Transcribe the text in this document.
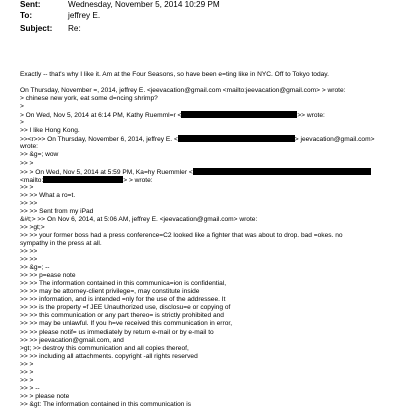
Sent:	Wednesday, November 5, 2014 10:29 PM
To:	jeffrey E.
Subject: Re:
Exactly -- that's why I like it. Am at the Four Seasons, so have been e=ting like in NYC. Off to Tokyo today.
On Thursday, November =, 2014, jeffrey E. <jeevacation@gmail.com <mailto:jeevacation@gmail.com> > wrote:
> chinese new york, eat some d=ncing shrimp?
>
> On Wed, Nov 5, 2014 at 6:14 PM, Kathy Ruemml=r <	>> wrote:
>
>> I like Hong Kong.
>><r>>> On Thursday, November 6, 2014, jeffrey E. <	> jeevacation@gmail.com>
wrote:
>> &g=; wow
>> >
>> > On Wed, Nov 5, 2014 at 5:59 PM, Ka=hy Ruemmler <
<mailto:	> > wrote:
>> >
>> >> What a ro=t.
>> >>
>> >> Sent from my iPad
&#t;> >> On Nov 6, 2014, at 5:06 AM, jeffrey E. <jeevacation@gmail.com> wrote:
>> >gt;>
>> >> your former boss had a press conference=C2 looked like a fighter that was about to drop. bad =okes. no
sympathy in the press at all.
>> >>
>> >>
>> &g=; --
>> >> p=ease note
>> >> The information contained in this communica=ion is confidential,
>> >> may be attorney-client privilege=, may constitute inside
>> >> information, and is intended =nly for the use of the addressee. It
>> >> is the property =f JEE Unauthorized use, disclosu=e or copying of
>> >> this communication or any part thereo= is strictly prohibited and
>> >> may be unlawful. If you h=ve received this communication in error,
>> >> please notif= us immediately by return e-mail or by e-mail to
>> >> jeevacation@gmail.com, and
>gt; >> destroy this communication and all copies thereof,
>> >> including all attachments. copyright -all rights reserved
>> >
>> >
>> >
>> > --
>> > please note
>> &gt: The information contained in this communication is
